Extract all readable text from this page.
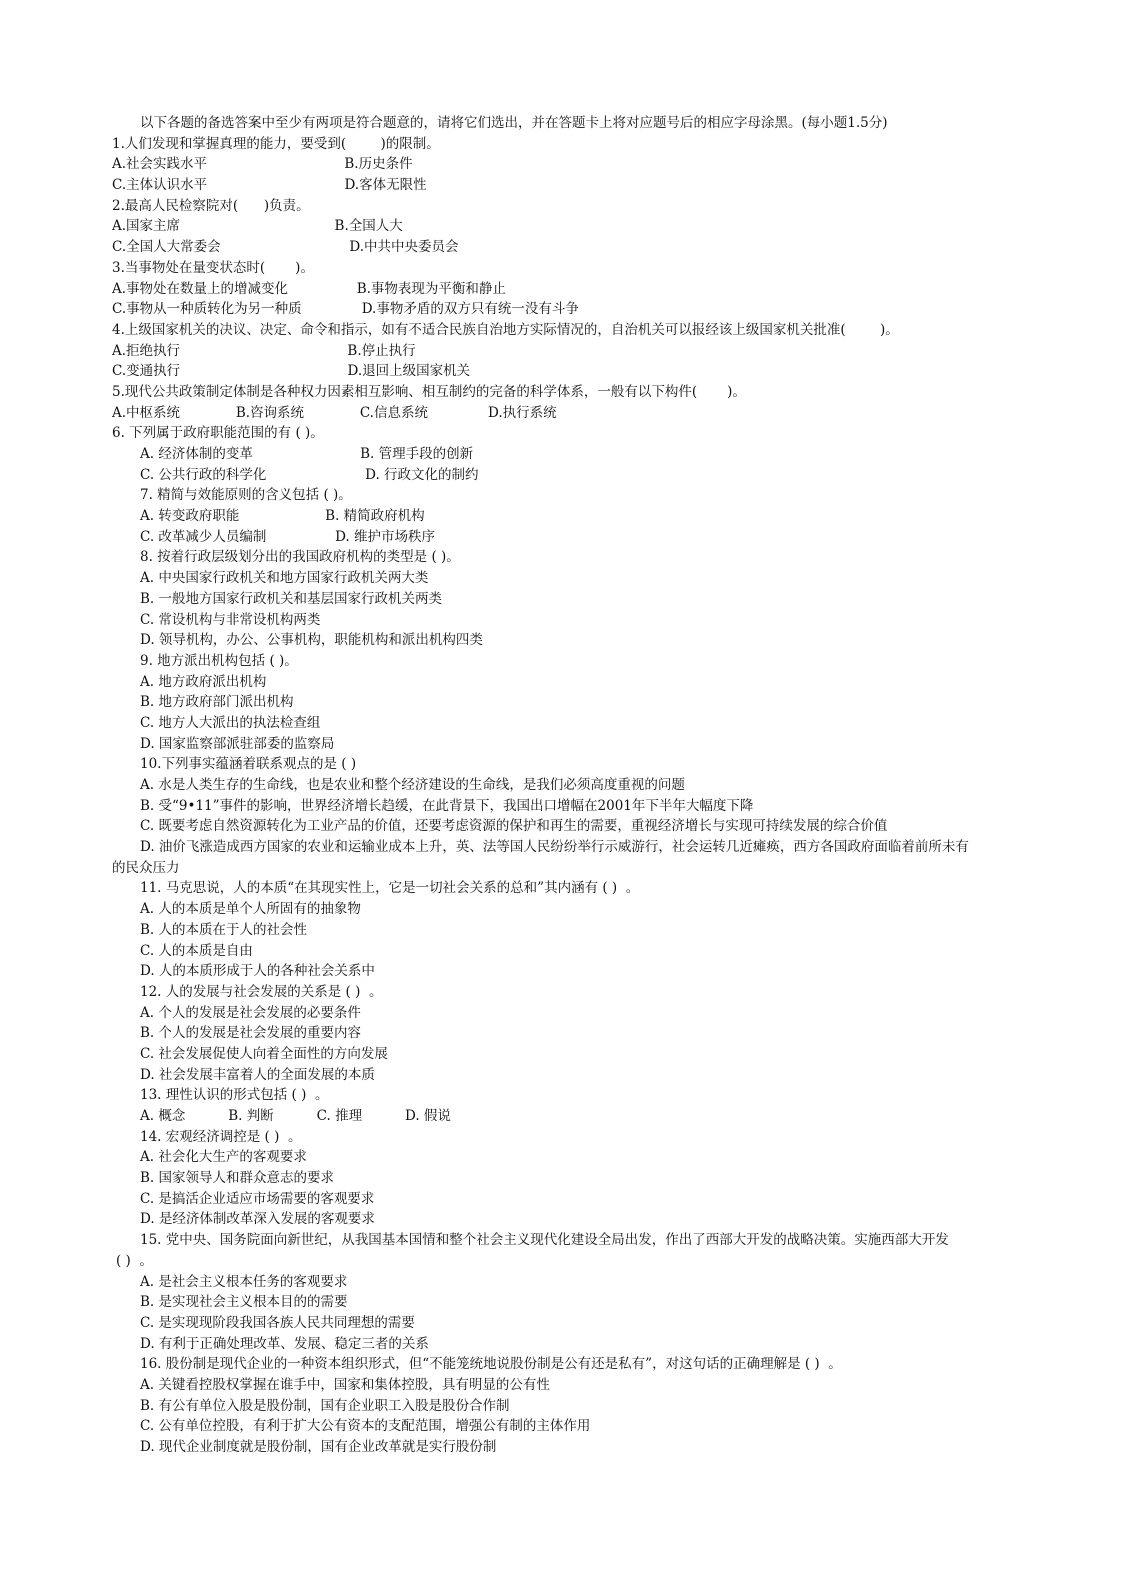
以下各题的备选答案中至少有两项是符合题意的，请将它们选出，并在答题卡上将对应题号后的相应字母涂黑。(每小题1.5分)
1.人们发现和掌握真理的能力，要受到(        )的限制。
A.社会实践水平                                B.历史条件
C.主体认识水平                                D.客体无限性
2.最高人民检察院对(      )负责。
A.国家主席                                    B.全国人大
C.全国人大常委会                              D.中共中央委员会
3.当事物处在量变状态时(       )。
A.事物处在数量上的增减变化                B.事物表现为平衡和静止
C.事物从一种质转化为另一种质              D.事物矛盾的双方只有统一没有斗争
4.上级国家机关的决议、决定、命令和指示，如有不适合民族自治地方实际情况的，自治机关可以报经该上级国家机关批准(        )。
A.拒绝执行                                       B.停止执行
C.变通执行                                       D.退回上级国家机关
5.现代公共政策制定体制是各种权力因素相互影响、相互制约的完备的科学体系，一般有以下构件(       )。
A.中枢系统             B.咨询系统             C.信息系统              D.执行系统
6. 下列属于政府职能范围的有 ( )。
A. 经济体制的变革                         B. 管理手段的创新
C. 公共行政的科学化                       D. 行政文化的制约
7. 精简与效能原则的含义包括 ( )。
A. 转变政府职能                    B. 精简政府机构
C. 改革减少人员编制                D. 维护市场秩序
8. 按着行政层级划分出的我国政府机构的类型是 ( )。
A. 中央国家行政机关和地方国家行政机关两大类
B. 一般地方国家行政机关和基层国家行政机关两类
C. 常设机构与非常设机构两类
D. 领导机构，办公、公事机构，职能机构和派出机构四类
9. 地方派出机构包括 ( )。
A. 地方政府派出机构
B. 地方政府部门派出机构
C. 地方人大派出的执法检查组
D. 国家监察部派驻部委的监察局
10.下列事实蕴涵着联系观点的是 ( )
A. 水是人类生存的生命线，也是农业和整个经济建设的生命线，是我们必须高度重视的问题
B. 受“9•11”事件的影响，世界经济增长趋缓，在此背景下，我国出口增幅在2001年下半年大幅度下降
C. 既要考虑自然资源转化为工业产品的价值，还要考虑资源的保护和再生的需要，重视经济增长与实现可持续发展的综合价值
D. 油价飞涨造成西方国家的农业和运输业成本上升，英、法等国人民纷纷举行示威游行，社会运转几近瘫痪，西方各国政府面临着前所未有
的民众压力
11. 马克思说，人的本质“在其现实性上，它是一切社会关系的总和”其内涵有 ( )  。
A. 人的本质是单个人所固有的抽象物
B. 人的本质在于人的社会性
C. 人的本质是自由
D. 人的本质形成于人的各种社会关系中
12. 人的发展与社会发展的关系是 ( )  。
A. 个人的发展是社会发展的必要条件
B. 个人的发展是社会发展的重要内容
C. 社会发展促使人向着全面性的方向发展
D. 社会发展丰富着人的全面发展的本质
13. 理性认识的形式包括 ( )  。
A. 概念          B. 判断          C. 推理          D. 假说
14. 宏观经济调控是 ( )  。
A. 社会化大生产的客观要求
B. 国家领导人和群众意志的要求
C. 是搞活企业适应市场需要的客观要求
D. 是经济体制改革深入发展的客观要求
15. 党中央、国务院面向新世纪，从我国基本国情和整个社会主义现代化建设全局出发，作出了西部大开发的战略决策。实施西部大开发
( )  。
A. 是社会主义根本任务的客观要求
B. 是实现社会主义根本目的的需要
C. 是实现现阶段我国各族人民共同理想的需要
D. 有利于正确处理改革、发展、稳定三者的关系
16. 股份制是现代企业的一种资本组织形式，但“不能笼统地说股份制是公有还是私有”，对这句话的正确理解是 ( )  。
A. 关键看控股权掌握在谁手中，国家和集体控股，具有明显的公有性
B. 有公有单位入股是股份制，国有企业职工入股是股份合作制
C. 公有单位控股，有利于扩大公有资本的支配范围，增强公有制的主体作用
D. 现代企业制度就是股份制，国有企业改革就是实行股份制
